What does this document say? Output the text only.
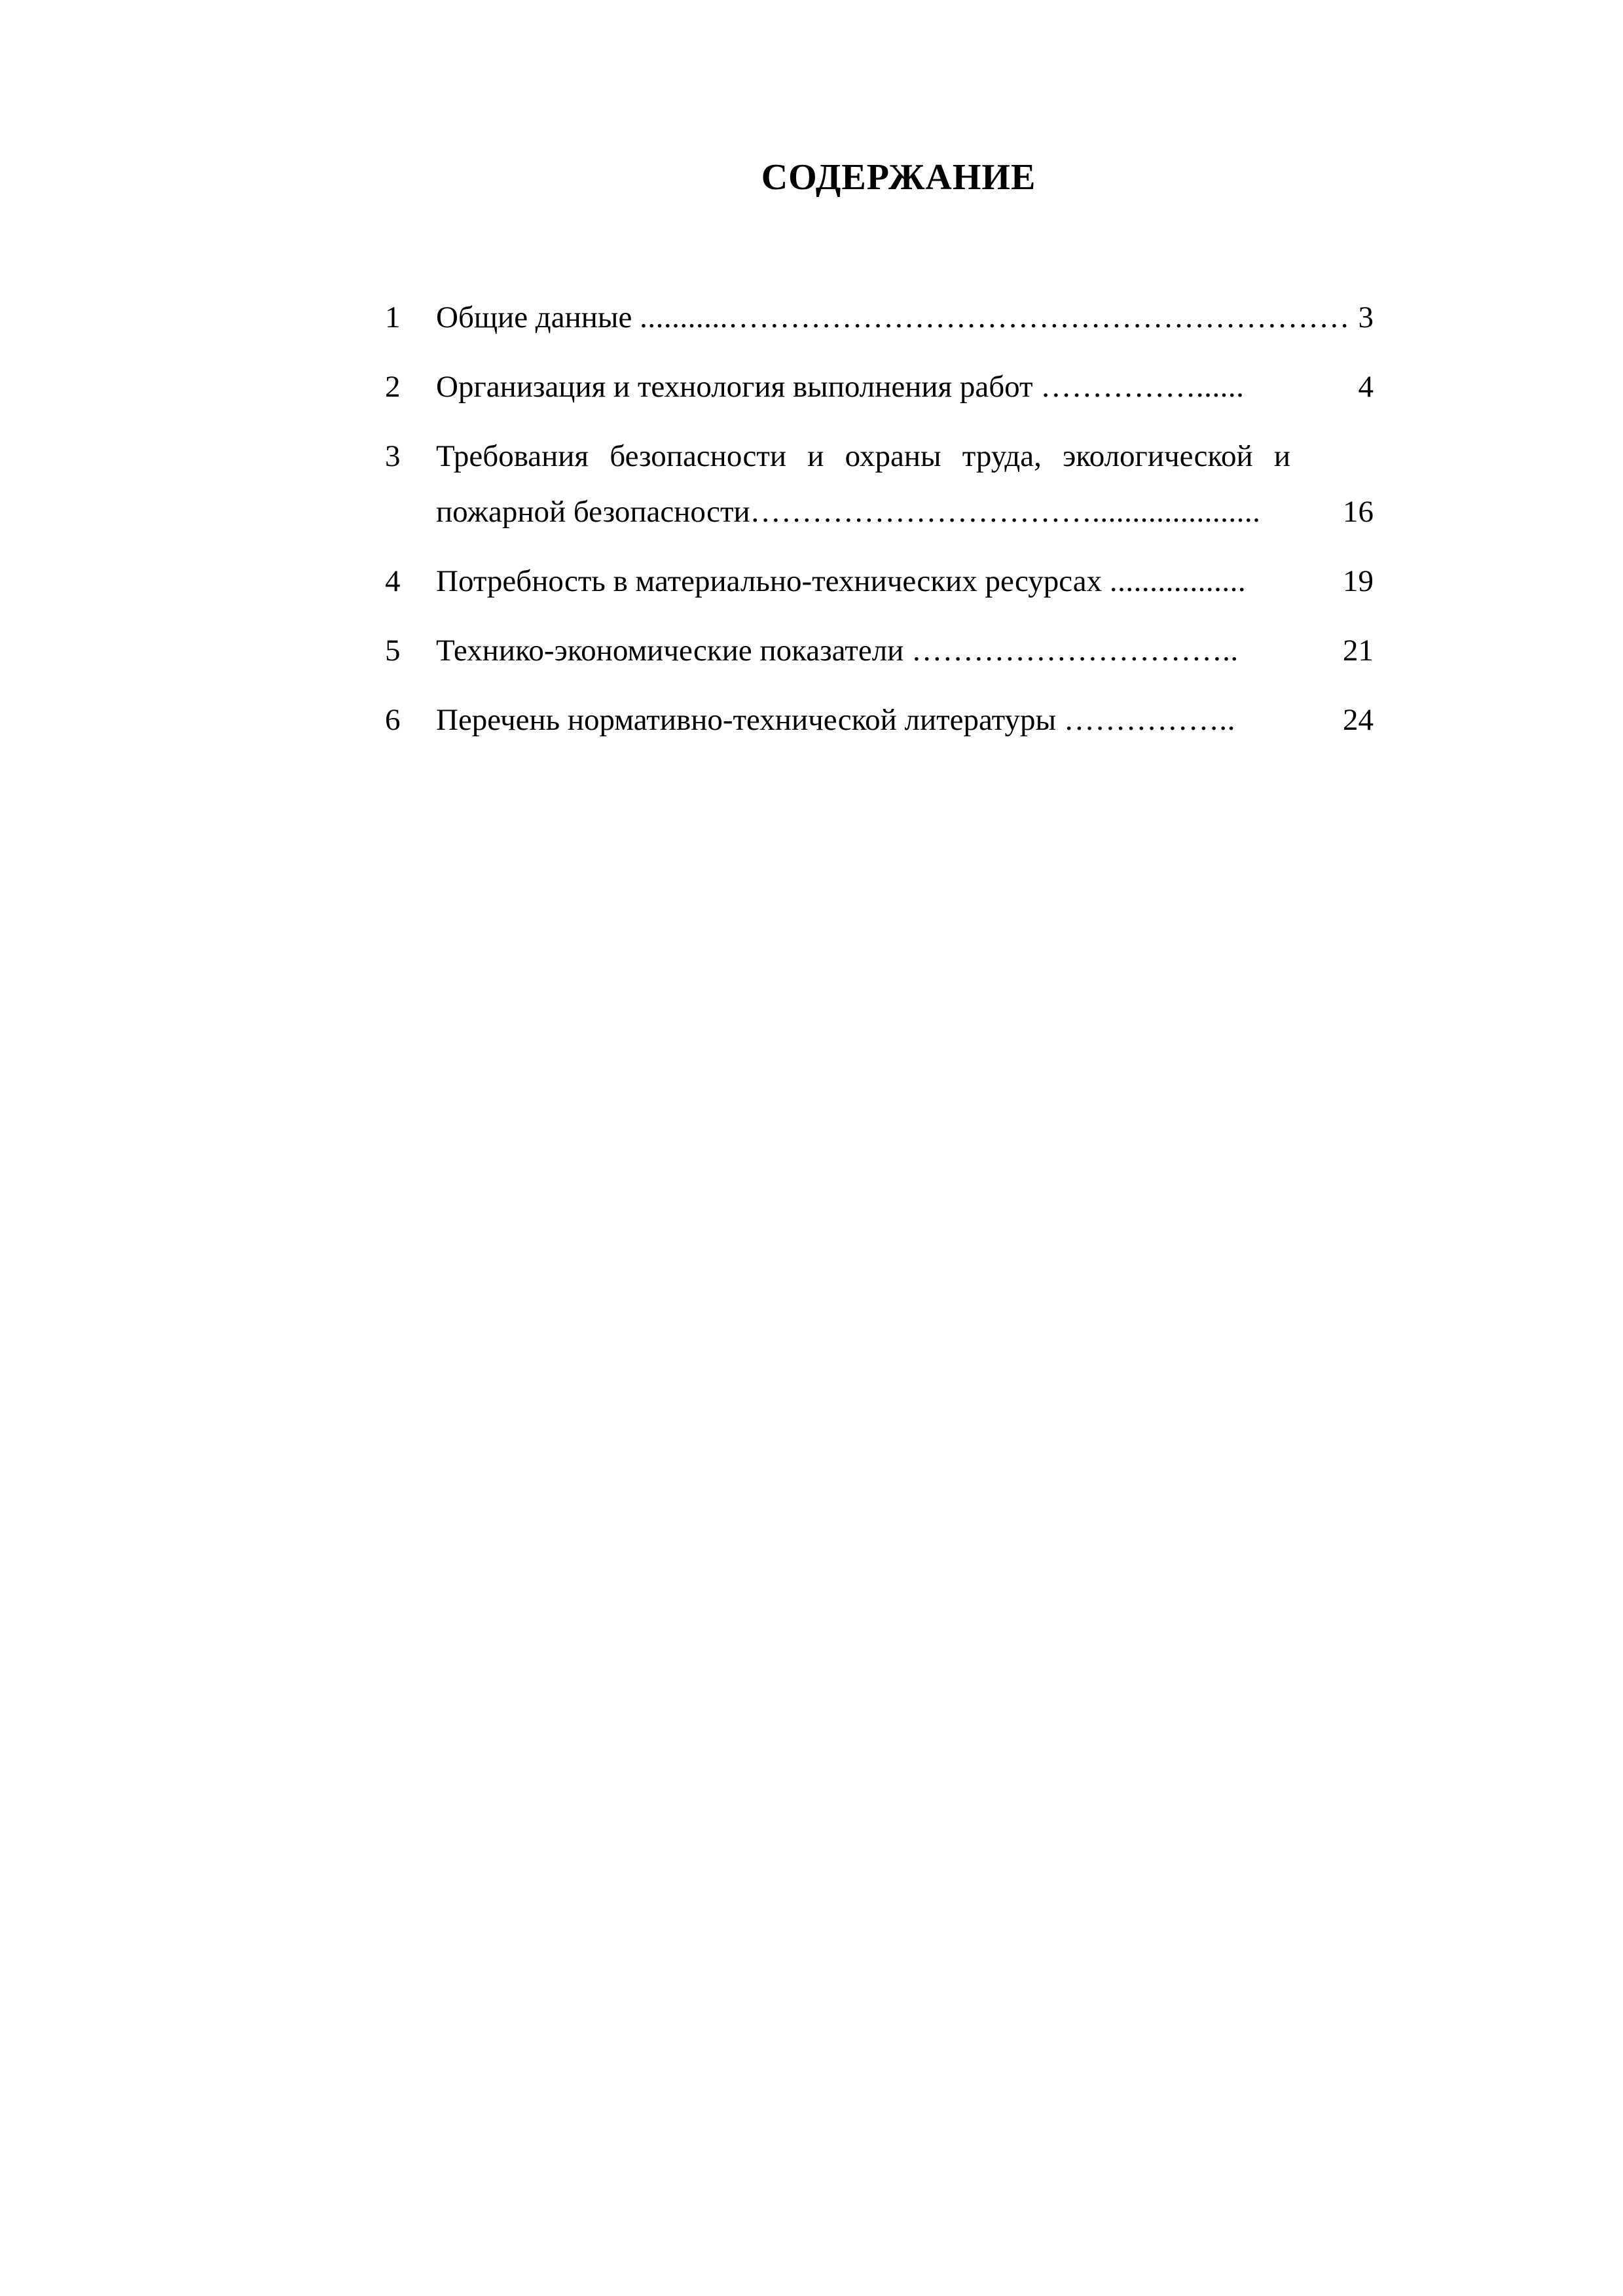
СОДЕРЖАНИЕ
1 Общие данные ...........…………………………………………………… 3
2 Организация и технология выполнения работ ……………......	4
3 Требования безопасности и охраны труда, экологической и
пожарной безопасности…………………………….....................	16
4 Потребность в материально-технических ресурсах .................	19
5 Технико-экономические показатели …………………………..	21
6 Перечень нормативно-технической литературы ……………..	24
